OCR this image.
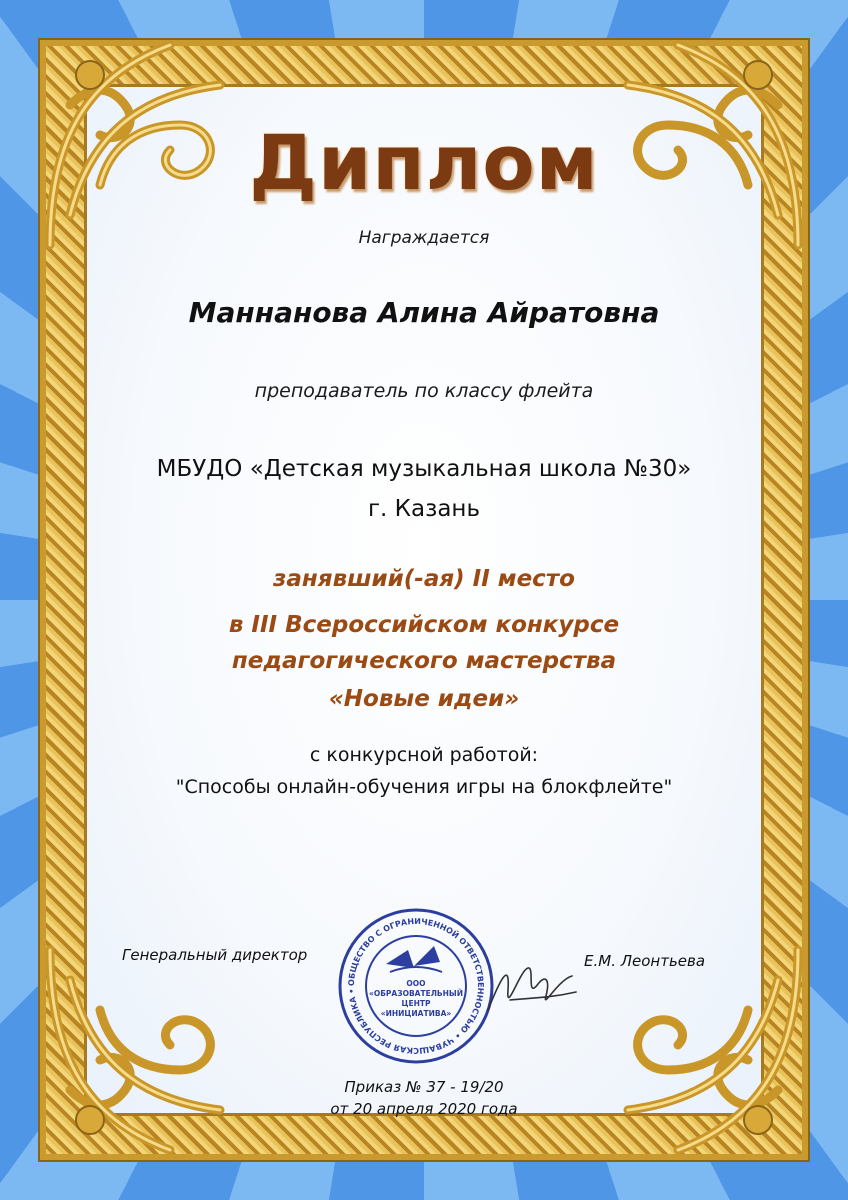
Диплом
Награждается
Маннанова Алина Айратовна
преподаватель по классу флейта
МБУДО «Детская музыкальная школа №30»
г. Казань
занявший(-ая) II место
в III Всероссийском конкурсе
педагогического мастерства
«Новые идеи»
с конкурсной работой:
"Способы онлайн-обучения игры на блокфлейте"
Генеральный директор
ОБЩЕСТВО С ОГРАНИЧЕННОЙ ОТВЕТСТВЕННОСТЬЮ • ЧУВАШСКАЯ РЕСПУБЛИКА •
ООО
«ОБРАЗОВАТЕЛЬНЫЙ
ЦЕНТР
«ИНИЦИАТИВА»
Е.М. Леонтьева
Приказ № 37 - 19/20
от 20 апреля 2020 года
